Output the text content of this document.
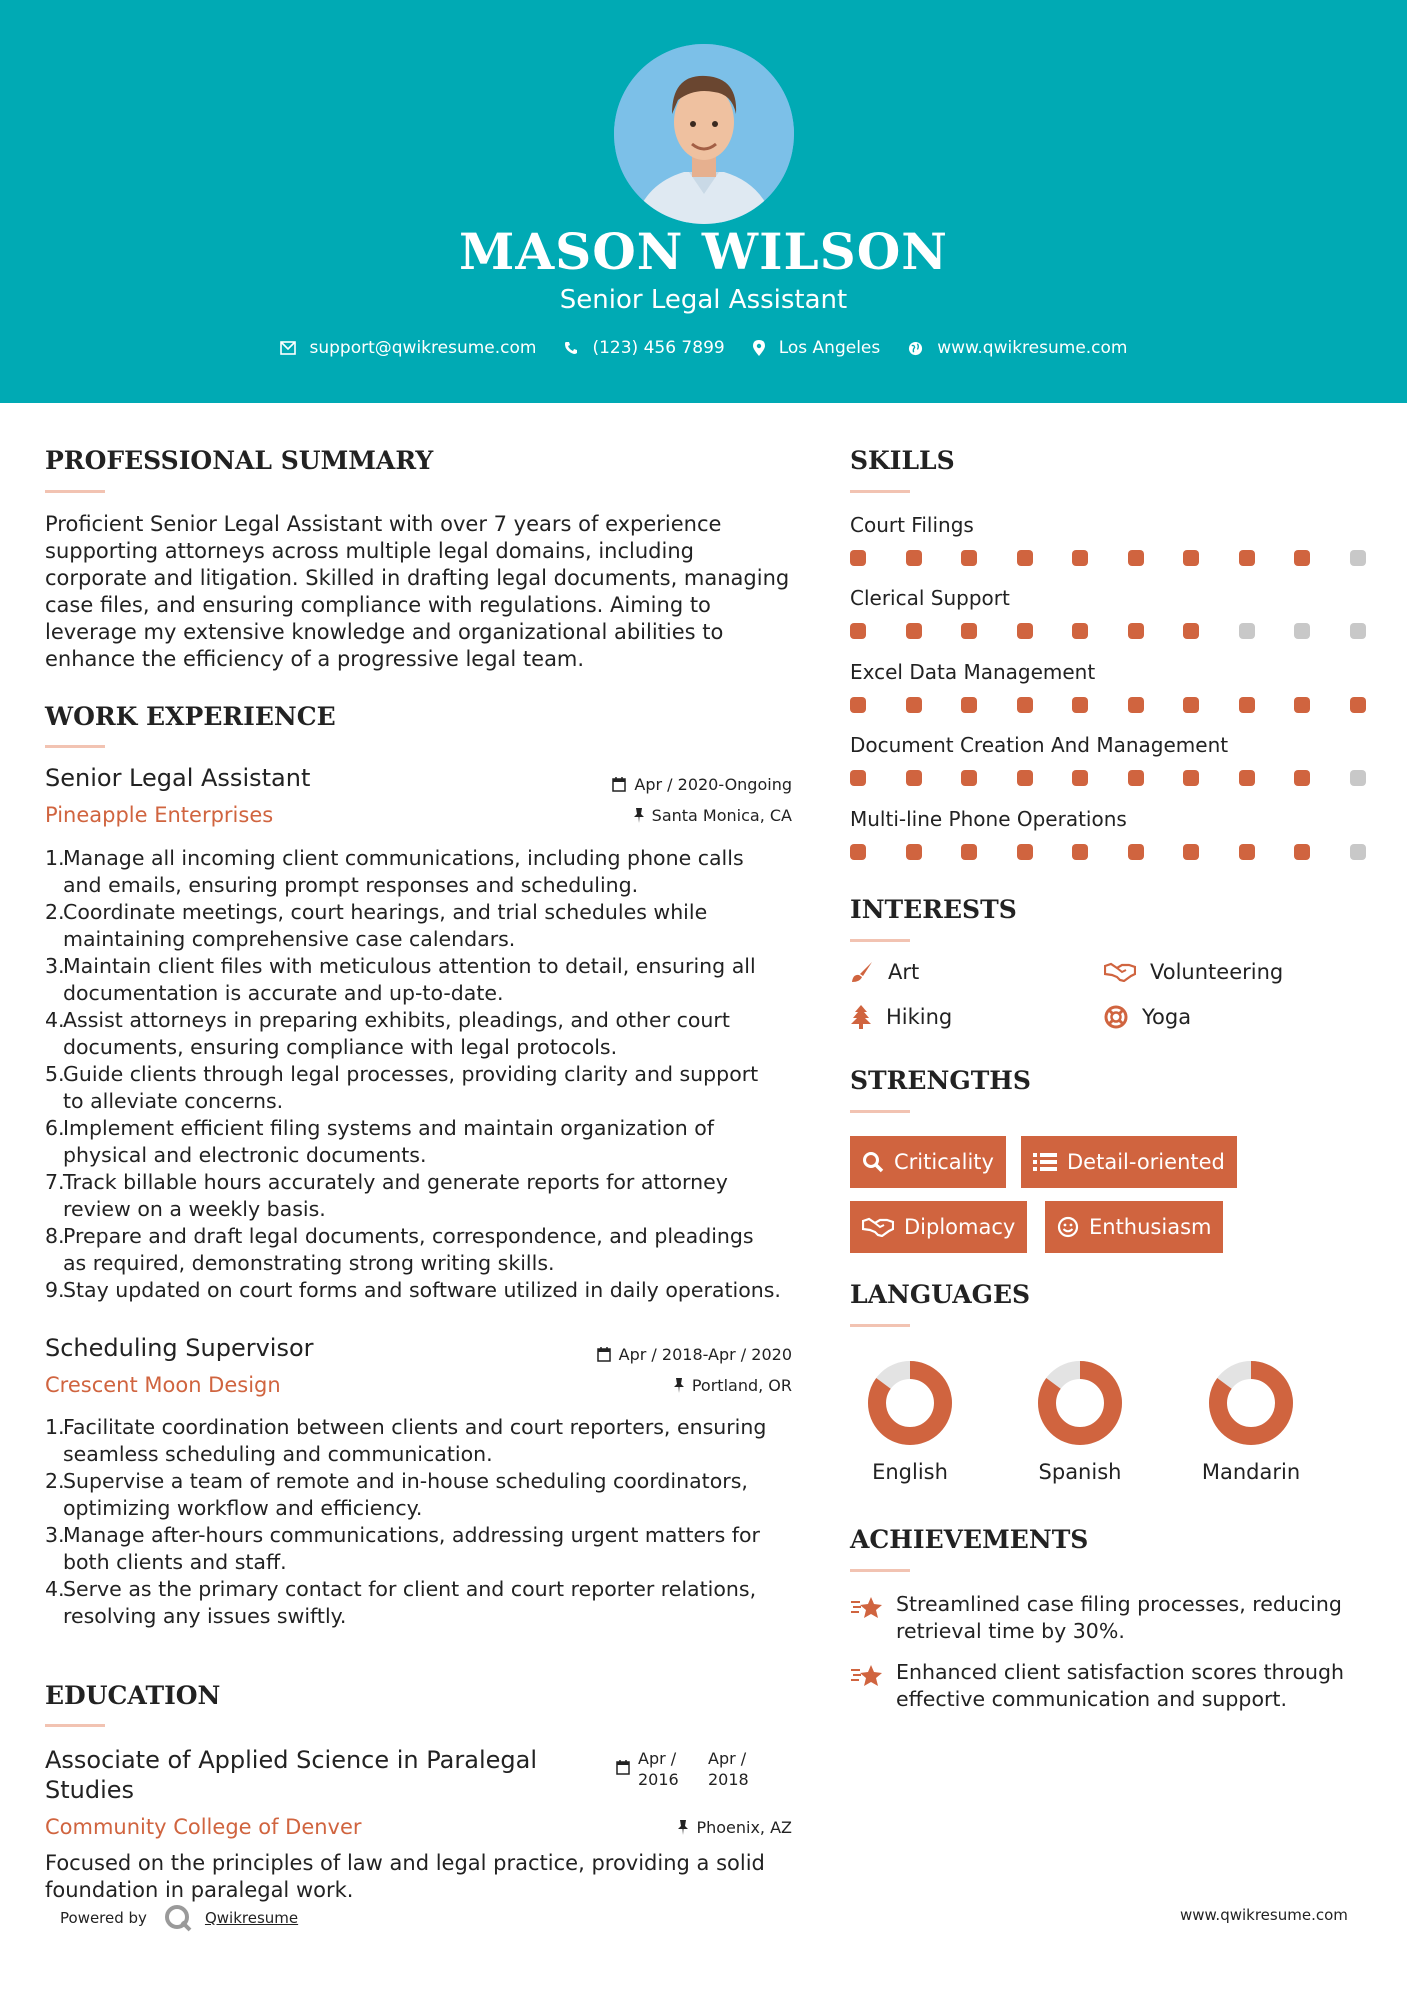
MASON WILSON
Senior Legal Assistant
support@qwikresume.com	(123) 456 7899	Los Angeles	www.qwikresume.com
PROFESSIONAL SUMMARY
Proficient Senior Legal Assistant with over 7 years of experience
supporting attorneys across multiple legal domains, including
corporate and litigation. Skilled in drafting legal documents, managing
case files, and ensuring compliance with regulations. Aiming to
leverage my extensive knowledge and organizational abilities to
enhance the efficiency of a progressive legal team.
WORK EXPERIENCE
Senior Legal Assistant
Pineapple Enterprises
Apr / 2020-Ongoing
Santa Monica, CA
1.
Manage all incoming client communications, including phone calls
and emails, ensuring prompt responses and scheduling.
2.
Coordinate meetings, court hearings, and trial schedules while
maintaining comprehensive case calendars.
3.
Maintain client files with meticulous attention to detail, ensuring all
documentation is accurate and up-to-date.
4.
Assist attorneys in preparing exhibits, pleadings, and other court
documents, ensuring compliance with legal protocols.
5.
Guide clients through legal processes, providing clarity and support
to alleviate concerns.
6.
Implement efficient filing systems and maintain organization of
physical and electronic documents.
7.
Track billable hours accurately and generate reports for attorney
review on a weekly basis.
8.
Prepare and draft legal documents, correspondence, and pleadings
as required, demonstrating strong writing skills.
9.
Stay updated on court forms and software utilized in daily operations.
Scheduling Supervisor
Crescent Moon Design
Apr / 2018-Apr / 2020
Portland, OR
1.
Facilitate coordination between clients and court reporters, ensuring
seamless scheduling and communication.
2.
Supervise a team of remote and in-house scheduling coordinators,
optimizing workflow and efficiency.
3.
Manage after-hours communications, addressing urgent matters for
both clients and staff.
4.
Serve as the primary contact for client and court reporter relations,
resolving any issues swiftly.
EDUCATION
Associate of Applied Science in Paralegal
Studies
Community College of Denver
Apr /
2016
Apr /
2018
Phoenix, AZ
Focused on the principles of law and legal practice, providing a solid
foundation in paralegal work.
SKILLS
Court Filings
Clerical Support
Excel Data Management
Document Creation And Management
Multi-line Phone Operations
INTERESTS
Art	Volunteering
Hiking	Yoga
STRENGTHS
Criticality	Detail-oriented
Diplomacy	Enthusiasm
LANGUAGES
English	Spanish	Mandarin
ACHIEVEMENTS
Streamlined case filing processes, reducing
retrieval time by 30%.
Enhanced client satisfaction scores through
effective communication and support.
Powered by	Qwikresume	www.qwikresume.com
